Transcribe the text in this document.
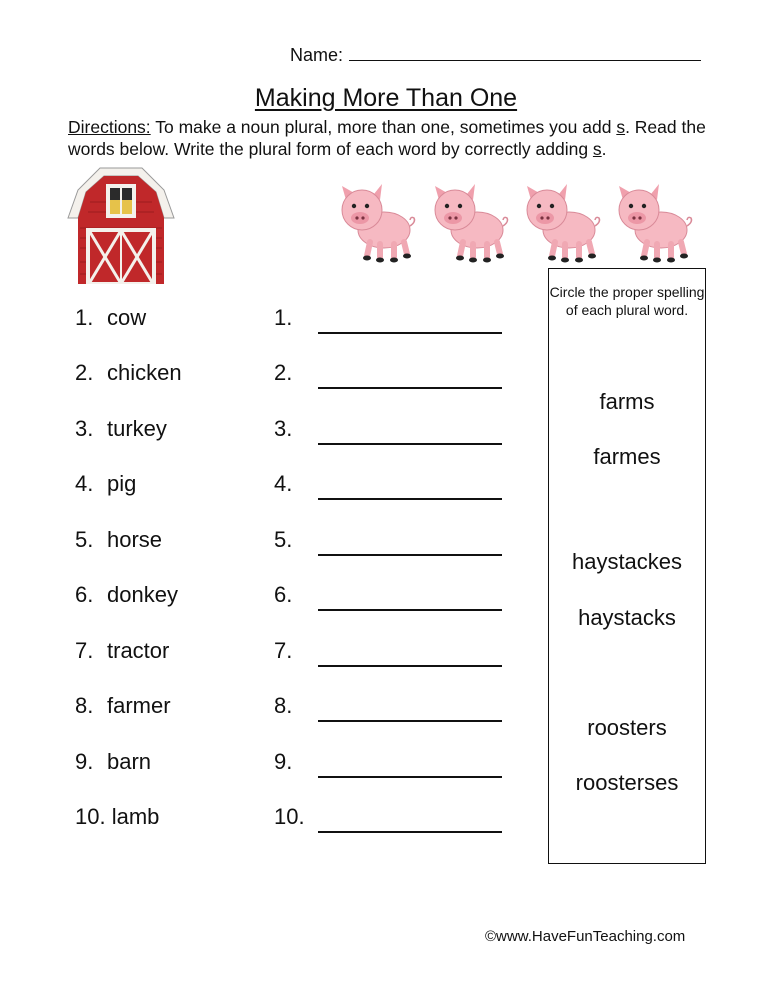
Name:
Making More Than One
Directions: To make a noun plural, more than one, sometimes you add s. Read the words below. Write the plural form of each word by correctly adding s.
1. cow
2. chicken
3. turkey
4. pig
5. horse
6. donkey
7. tractor
8. farmer
9. barn
10. lamb
1.
2.
3.
4.
5.
6.
7.
8.
9.
10.
Circle the proper spelling of each plural word.
farms
farmes
haystackes
haystacks
roosters
roosterses
©www.HaveFunTeaching.com
